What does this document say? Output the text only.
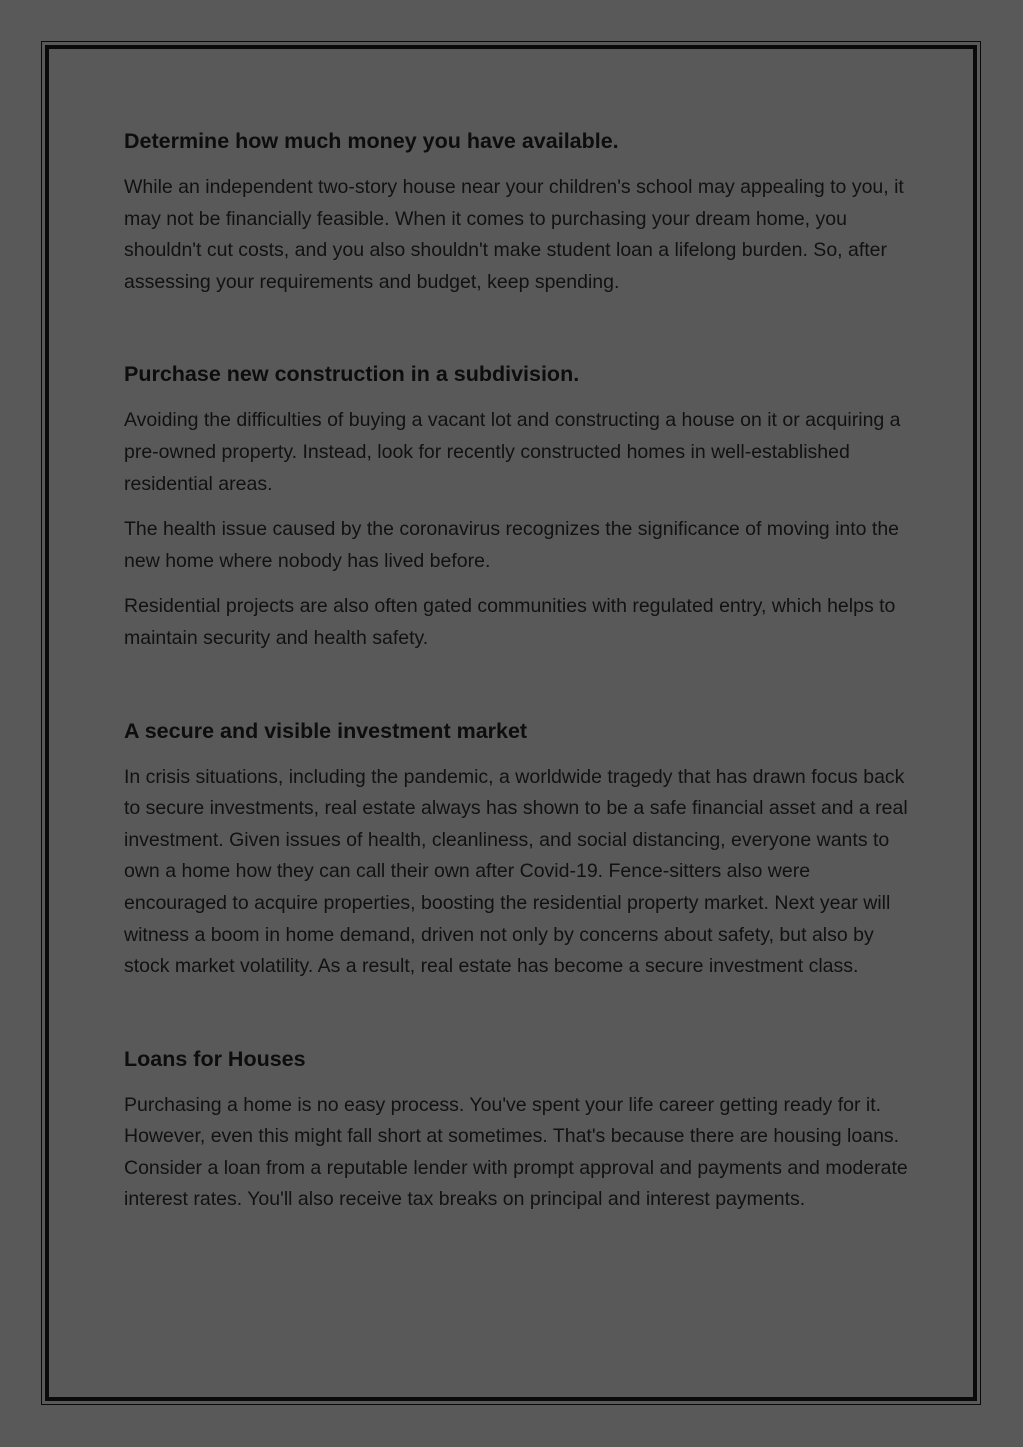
Determine how much money you have available.

While an independent two-story house near your children's school may appealing to you, it may not be financially feasible. When it comes to purchasing your dream home, you shouldn't cut costs, and you also shouldn't make student loan a lifelong burden. So, after assessing your requirements and budget, keep spending.

Purchase new construction in a subdivision.

Avoiding the difficulties of buying a vacant lot and constructing a house on it or acquiring a pre-owned property. Instead, look for recently constructed homes in well-established residential areas.

The health issue caused by the coronavirus recognizes the significance of moving into the new home where nobody has lived before.

Residential projects are also often gated communities with regulated entry, which helps to maintain security and health safety.

A secure and visible investment market

In crisis situations, including the pandemic, a worldwide tragedy that has drawn focus back to secure investments, real estate always has shown to be a safe financial asset and a real investment. Given issues of health, cleanliness, and social distancing, everyone wants to own a home how they can call their own after Covid-19. Fence-sitters also were encouraged to acquire properties, boosting the residential property market. Next year will witness a boom in home demand, driven not only by concerns about safety, but also by stock market volatility. As a result, real estate has become a secure investment class.

Loans for Houses

Purchasing a home is no easy process. You've spent your life career getting ready for it. However, even this might fall short at sometimes. That's because there are housing loans. Consider a loan from a reputable lender with prompt approval and payments and moderate interest rates. You'll also receive tax breaks on principal and interest payments.
